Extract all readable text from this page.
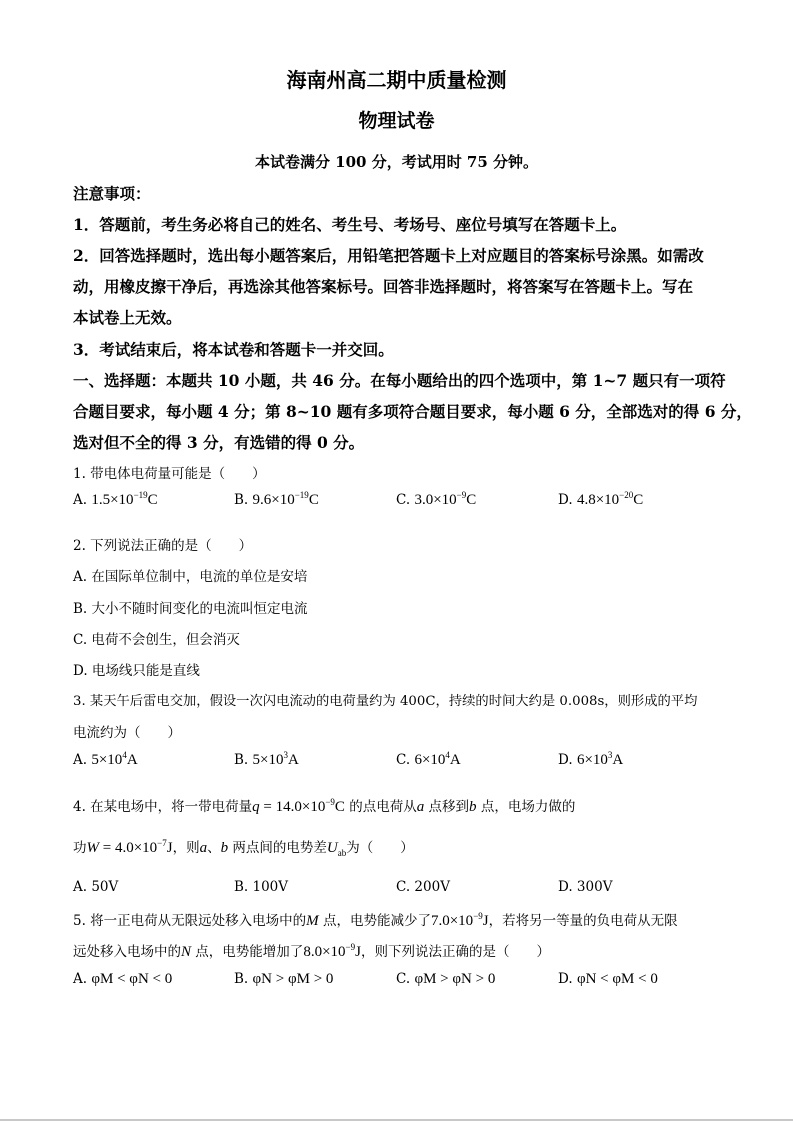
海南州高二期中质量检测
物理试卷
本试卷满分 100 分，考试用时 75 分钟。
注意事项：
1．答题前，考生务必将自己的姓名、考生号、考场号、座位号填写在答题卡上。
2．回答选择题时，选出每小题答案后，用铅笔把答题卡上对应题目的答案标号涂黑。如需改
动，用橡皮擦干净后，再选涂其他答案标号。回答非选择题时，将答案写在答题卡上。写在
本试卷上无效。
3．考试结束后，将本试卷和答题卡一并交回。
一、选择题：本题共 10 小题，共 46 分。在每小题给出的四个选项中，第 1~7 题只有一项符
合题目要求，每小题 4 分；第 8~10 题有多项符合题目要求，每小题 6 分，全部选对的得 6 分，
选对但不全的得 3 分，有选错的得 0 分。
1. 带电体电荷量可能是（　　）
A. $1.5\times 10^{-19}C$	B. $9.6\times 10^{-19}C$	C. $3.0\times 10^{-9}C$	D. $4.8\times 10^{-20}C$
2. 下列说法正确的是（　　）
A. 在国际单位制中，电流的单位是安培
B. 大小不随时间变化的电流叫恒定电流
C. 电荷不会创生，但会消灭
D. 电场线只能是直线
3. 某天午后雷电交加，假设一次闪电流动的电荷量约为 400C，持续的时间大约是 0.008s，则形成的平均
电流约为（　　）
A. $5\times 10^4A$	B. $5\times 10^3A$	C. $6\times 10^4A$	D. $6\times 10^3A$
4. 在某电场中，将一带电荷量$q = 14.0\times 10^{-9}C$ 的点电荷从a 点移到b 点，电场力做的
功$W = 4.0\times 10^{-7}J$，则a、b 两点间的电势差$U_{ab}$为（　　）
A. 50V	B. 100V	C. 200V	D. 300V
5. 将一正电荷从无限远处移入电场中的M 点，电势能减少了$7.0\times 10^{-9}J$，若将另一等量的负电荷从无限
远处移入电场中的N 点，电势能增加了$8.0\times 10^{-9}J$，则下列说法正确的是（　　）
A. φM < φN < 0	B. φN > φM > 0	C. φM > φN > 0	D. φN < φM < 0
